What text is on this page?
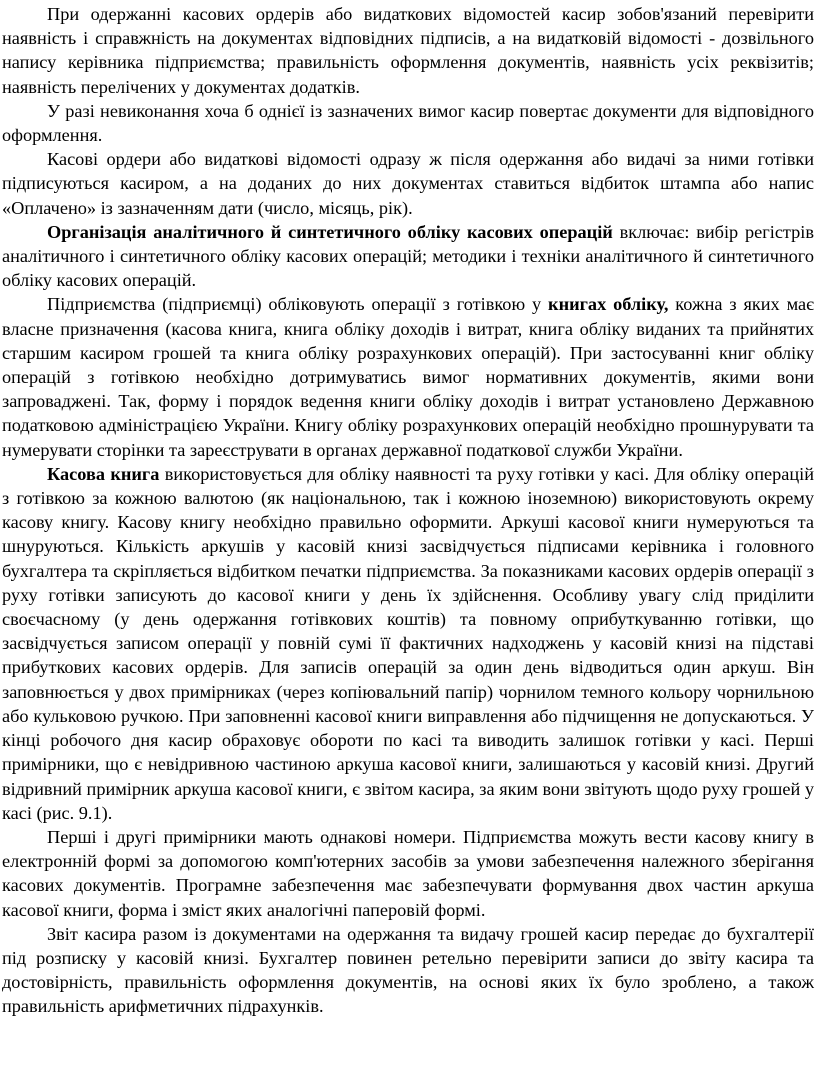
При одержанні касових ордерів або видаткових відомостей касир зобов'язаний перевірити наявність і справжність на документах відповідних підписів, а на видатковій відомості - дозвільного напису керівника підприємства; правильність оформлення документів, наявність усіх реквізитів; наявність перелічених у документах додатків.

У разі невиконання хоча б однієї із зазначених вимог касир повертає документи для відповідного оформлення.

Касові ордери або видаткові відомості одразу ж після одержання або видачі за ними готівки підписуються касиром, а на доданих до них документах ставиться відбиток штампа або напис «Оплачено» із зазначенням дати (число, місяць, рік).

Організація аналітичного й синтетичного обліку касових операцій включає: вибір регістрів аналітичного і синтетичного обліку касових операцій; методики і техніки аналітичного й синтетичного обліку касових операцій.

Підприємства (підприємці) обліковують операції з готівкою у книгах обліку, кожна з яких має власне призначення (касова книга, книга обліку доходів і витрат, книга обліку виданих та прийнятих старшим касиром грошей та книга обліку розрахункових операцій). При застосуванні книг обліку операцій з готівкою необхідно дотримуватись вимог нормативних документів, якими вони запроваджені. Так, форму і порядок ведення книги обліку доходів і витрат установлено Державною податковою адміністрацією України. Книгу обліку розрахункових операцій необхідно прошнурувати та нумерувати сторінки та зареєструвати в органах державної податкової служби України.

Касова книга використовується для обліку наявності та руху готівки у касі. Для обліку операцій з готівкою за кожною валютою (як національною, так і кожною іноземною) використовують окрему касову книгу. Касову книгу необхідно правильно оформити. Аркуші касової книги нумеруються та шнуруються. Кількість аркушів у касовій книзі засвідчується підписами керівника і головного бухгалтера та скріпляється відбитком печатки підприємства. За показниками касових ордерів операції з руху готівки записують до касової книги у день їх здійснення. Особливу увагу слід приділити своєчасному (у день одержання готівкових коштів) та повному оприбуткуванню готівки, що засвідчується записом операції у повній сумі її фактичних надходжень у касовій книзі на підставі прибуткових касових ордерів. Для записів операцій за один день відводиться один аркуш. Він заповнюється у двох примірниках (через копіювальний папір) чорнилом темного кольору чорнильною або кульковою ручкою. При заповненні касової книги виправлення або підчищення не допускаються. У кінці робочого дня касир обраховує обороти по касі та виводить залишок готівки у касі. Перші примірники, що є невідривною частиною аркуша касової книги, залишаються у касовій книзі. Другий відривний примірник аркуша касової книги, є звітом касира, за яким вони звітують щодо руху грошей у касі (рис. 9.1).

Перші і другі примірники мають однакові номери. Підприємства можуть вести касову книгу в електронній формі за допомогою комп'ютерних засобів за умови забезпечення належного зберігання касових документів. Програмне забезпечення має забезпечувати формування двох частин аркуша касової книги, форма і зміст яких аналогічні паперовій формі.

Звіт касира разом із документами на одержання та видачу грошей касир передає до бухгалтерії під розписку у касовій книзі. Бухгалтер повинен ретельно перевірити записи до звіту касира та достовірність, правильність оформлення документів, на основі яких їх було зроблено, а також правильність арифметичних підрахунків.
